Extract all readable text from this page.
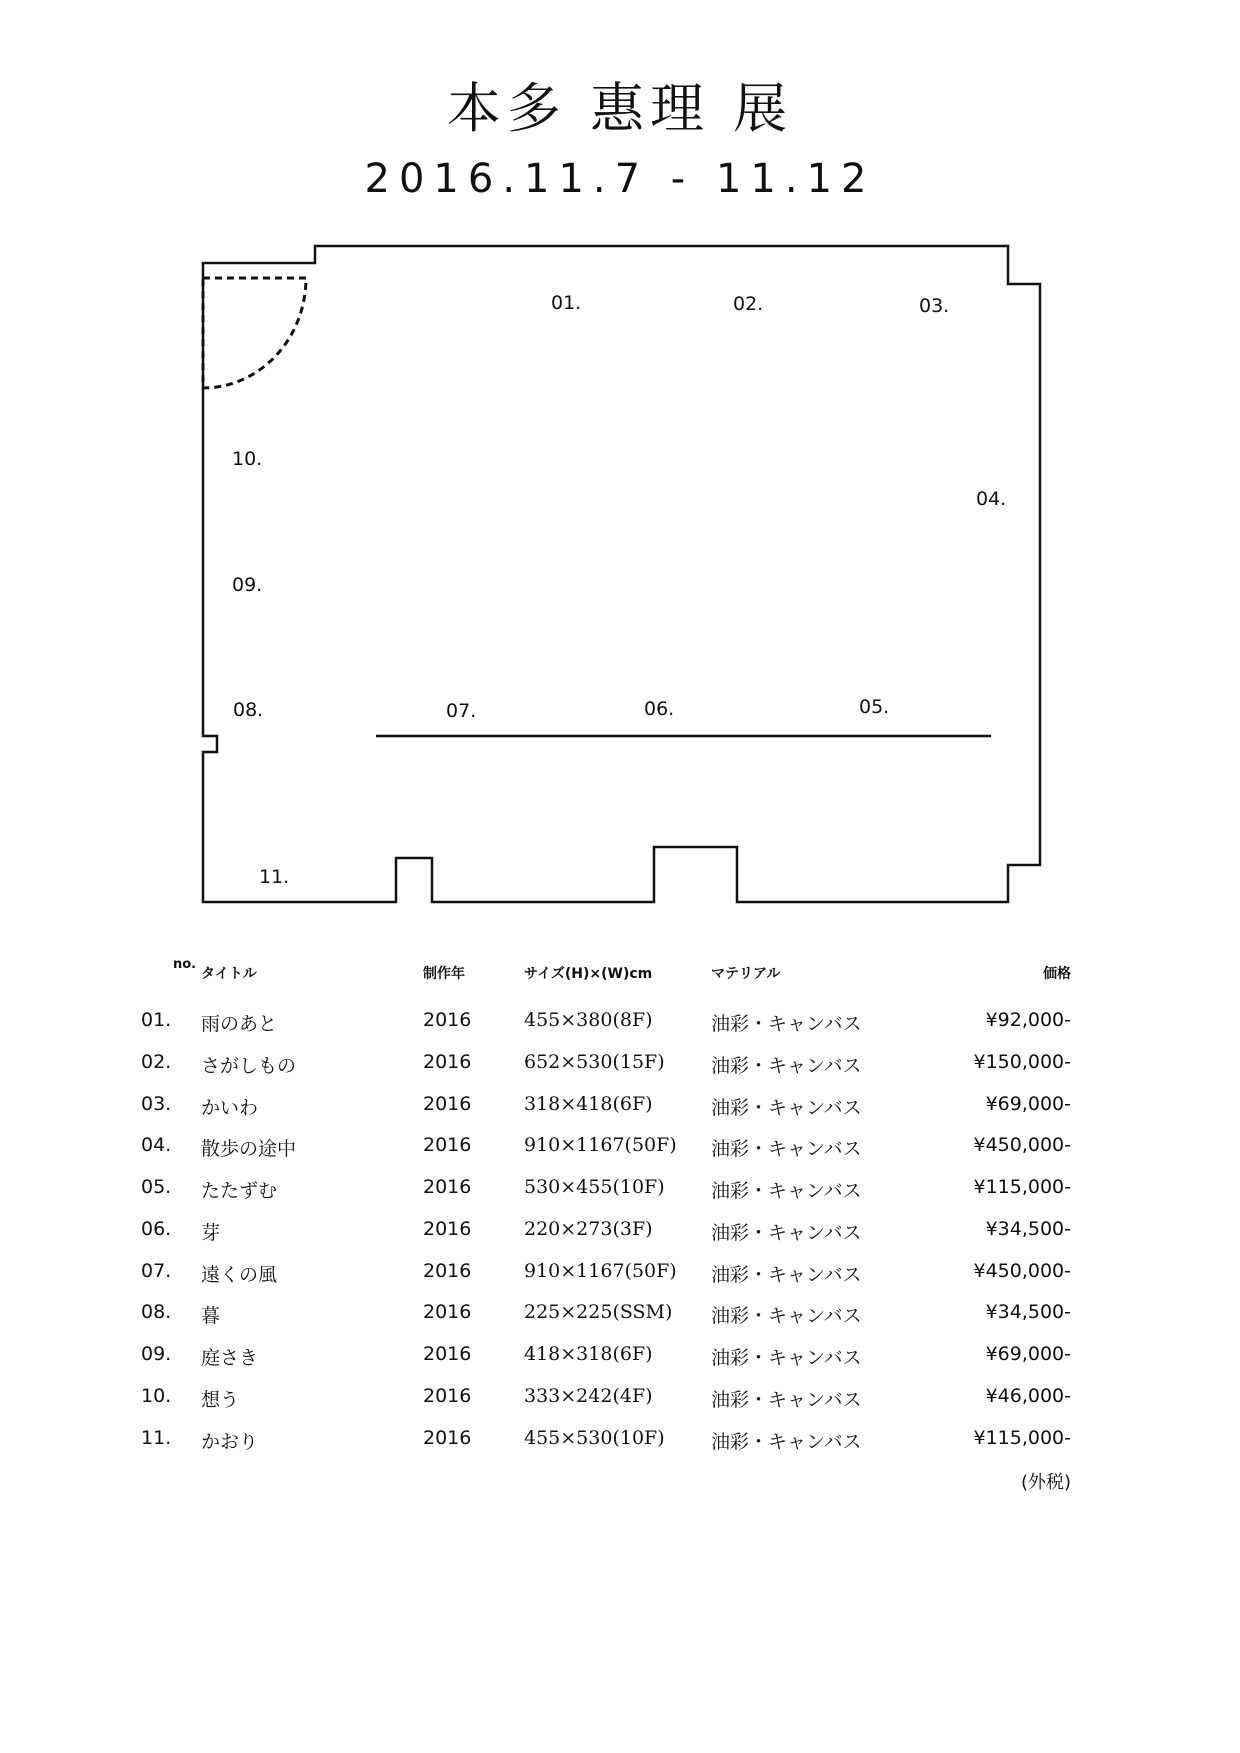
本多 惠理 展
2016.11.7 - 11.12
01.	02.	03.
04.
05.
06.
07.
08.
09.
10.
11.
no.
タイトル	制作年	サイズ(H)×(W)cm	マテリアル	価格
01. 雨のあと	2016	455×380(8F)	油彩・キャンバス	¥92,000-
02. さがしもの	2016	652×530(15F) 油彩・キャンバス	¥150,000-
03. かいわ	2016	318×418(6F)	油彩・キャンバス	¥69,000-
04. 散歩の途中	2016	910×1167(50F) 油彩・キャンバス	¥450,000-
05. たたずむ	2016	530×455(10F) 油彩・キャンバス	¥115,000-
06. 芽	2016	220×273(3F)	油彩・キャンバス	¥34,500-
07. 遠くの風	2016	910×1167(50F) 油彩・キャンバス	¥450,000-
08. 暮	2016	225×225(SSM) 油彩・キャンバス	¥34,500-
09. 庭さき	2016	418×318(6F)	油彩・キャンバス	¥69,000-
10. 想う	2016	333×242(4F)	油彩・キャンバス	¥46,000-
11. かおり	2016	455×530(10F) 油彩・キャンバス	¥115,000-
(外税)
